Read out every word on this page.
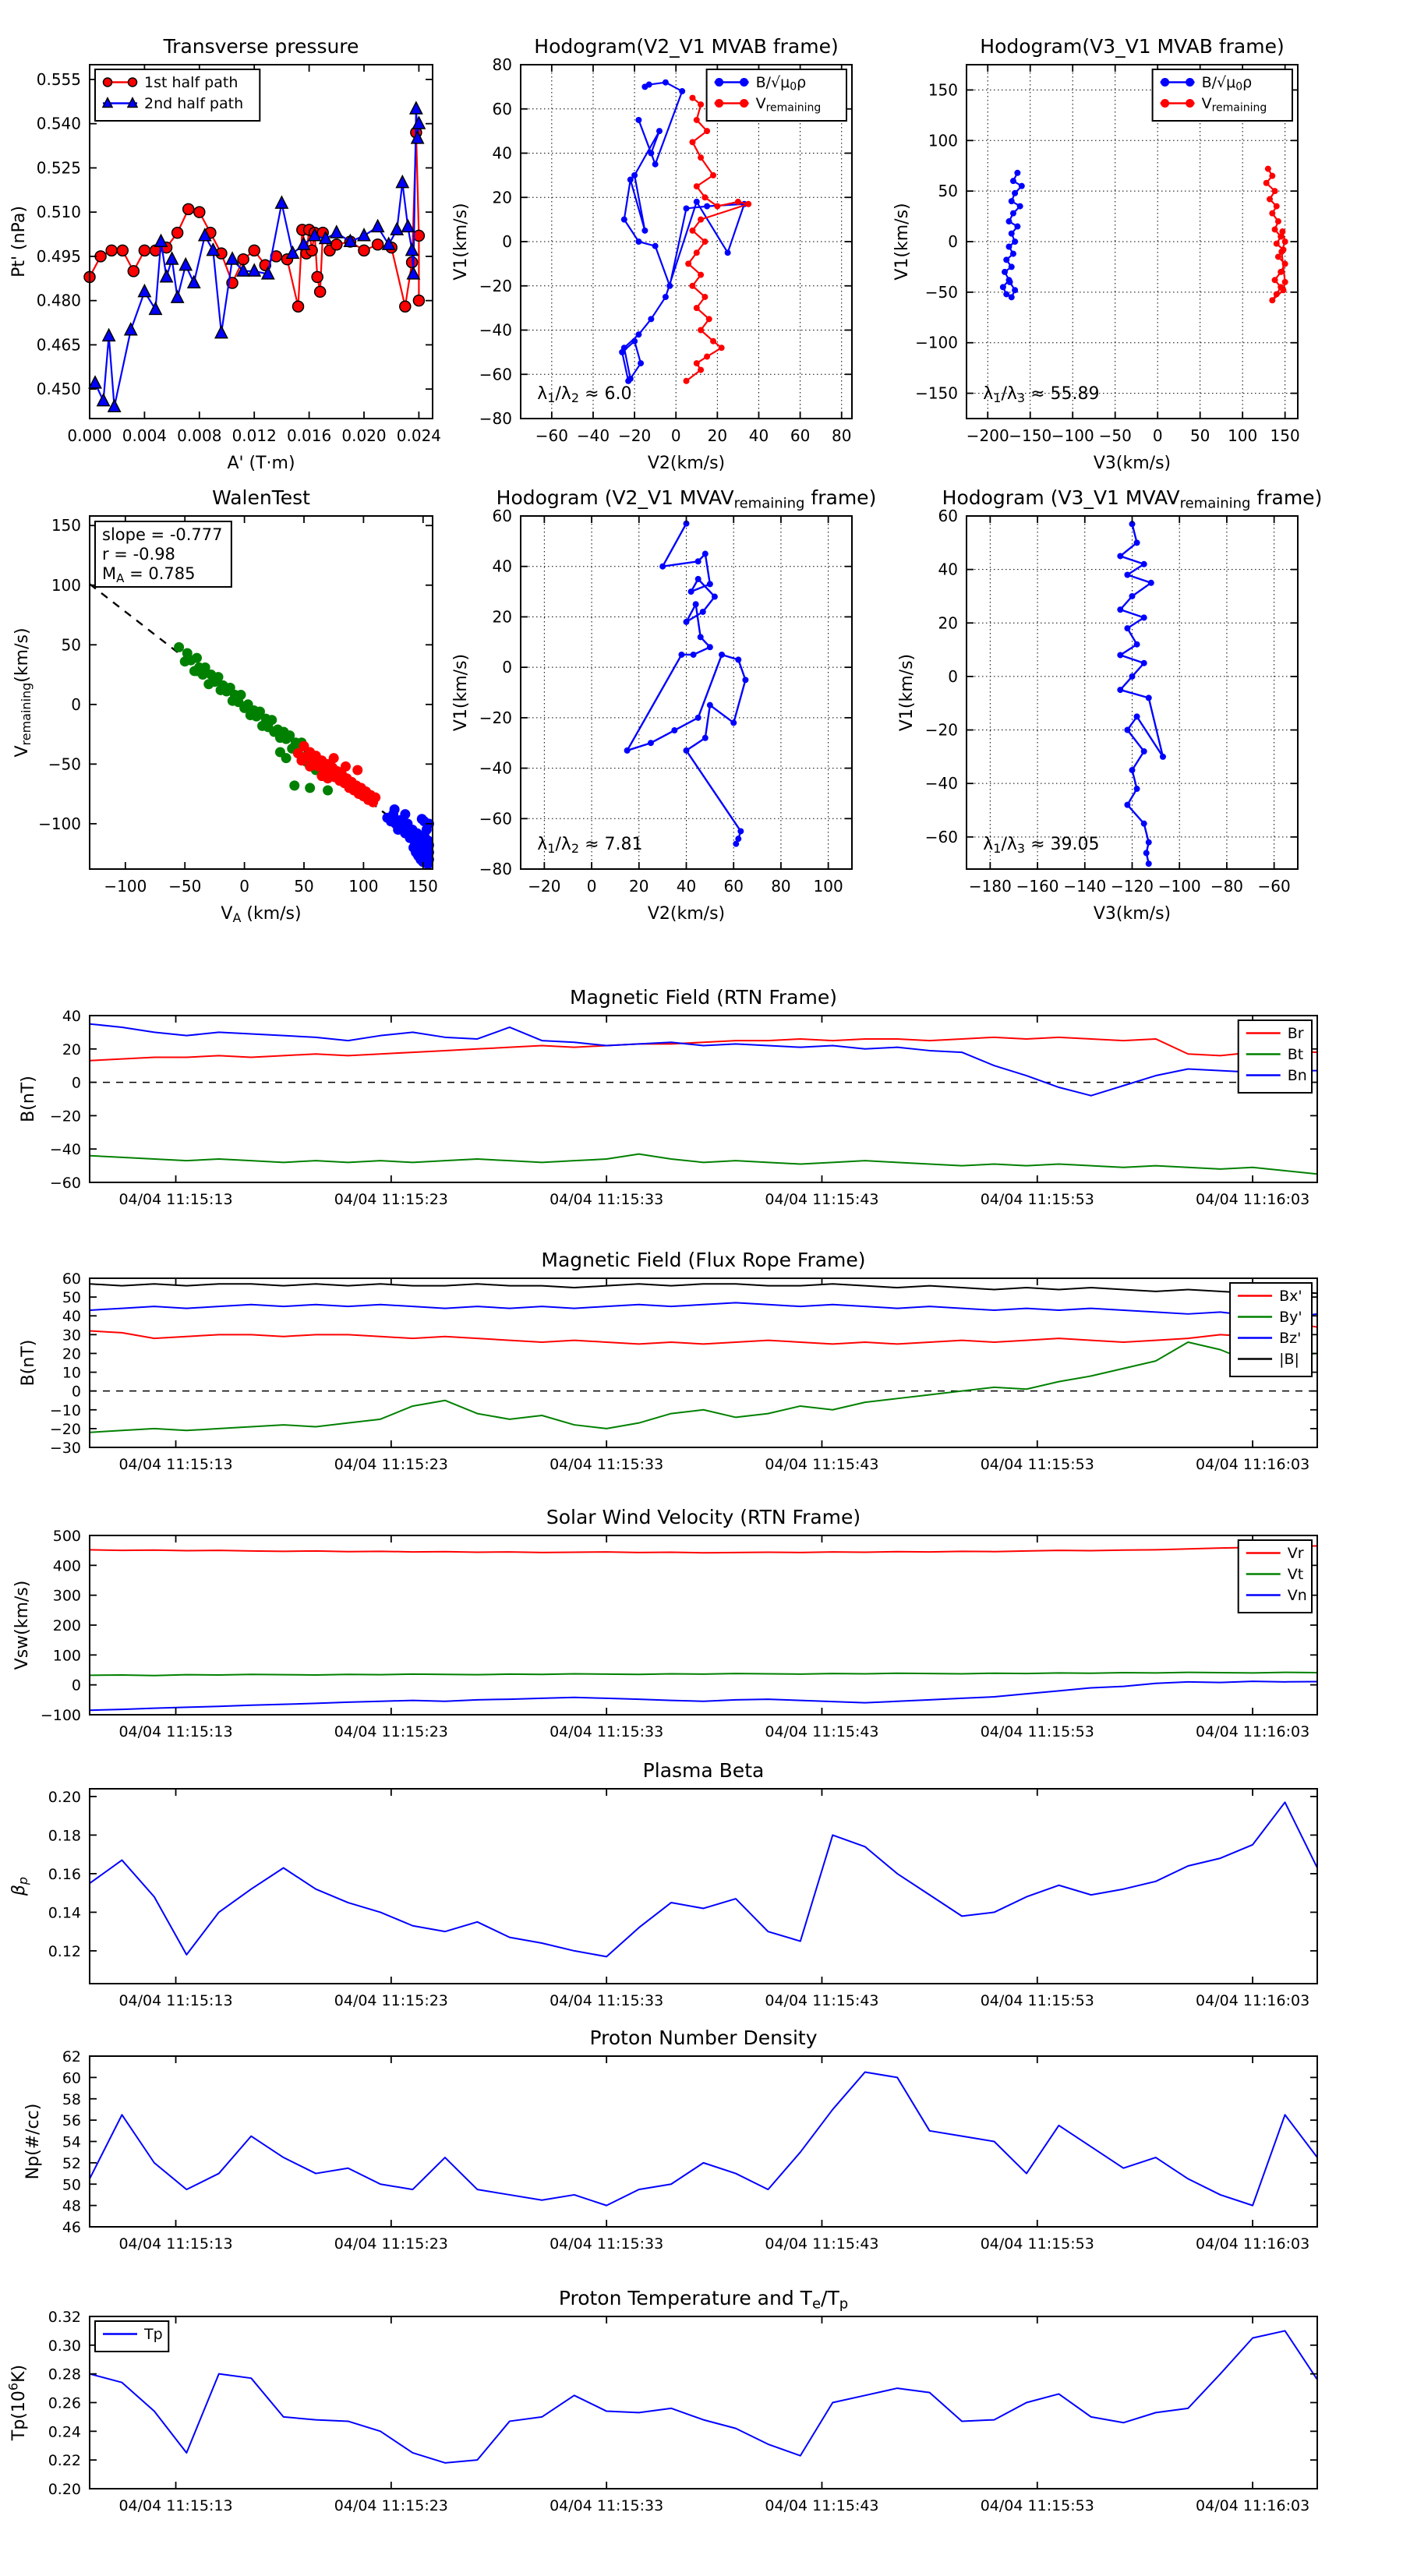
0.000 0.004 0.008 0.012 0.016 0.020 0.024
0.450
0.465
0.480
0.495
0.510
0.525
0.540
0.555
Transverse pressure
A' (T·m)
Pt' (nPa)
1st half path
2nd half path
−60 −40 −20 0 20 40 60 80
−80
−60
−40
−20
0
20
40
60
80
Hodogram(V2_V1 MVAB frame)
V2(km/s)
V1(km/s)
λ1/λ2 ≈ 6.0
B/√μ0ρ
Vremaining
−200 −150 −100 −50 0 50 100 150
−150
−100
−50
0
50
100
150
Hodogram(V3_V1 MVAB frame)
V3(km/s)
V1(km/s)
λ1/λ3 ≈ 55.89
B/√μ0ρ
Vremaining
−100 −50 0	50 100 150
−100
−50
0
50
100
150
WalenTest
VA (km/s)
Vremaining(km/s)
slope = -0.777
r = -0.98
MA = 0.785
−20 0 20 40 60 80 100
−80
−60
−40
−20
0
20
40
60
Hodogram (V2_V1 MVAVremaining frame)
V2(km/s)
V1(km/s)
λ1/λ2 ≈ 7.81
−180 −160 −140 −120 −100 −80 −60
−60
−40
−20
0
20
40
60
Hodogram (V3_V1 MVAVremaining frame)
V3(km/s)
V1(km/s)
λ1/λ3 ≈ 39.05
04/04 11:15:13	04/04 11:15:23	04/04 11:15:33	04/04 11:15:43	04/04 11:15:53	04/04 11:16:03
−60
−40
−20
0
20
40
Magnetic Field (RTN Frame)
B(nT)
Br
Bt
Bn
04/04 11:15:13	04/04 11:15:23	04/04 11:15:33	04/04 11:15:43	04/04 11:15:53	04/04 11:16:03
−30
−20
−10
0
10
20
30
40
50
60
Magnetic Field (Flux Rope Frame)
B(nT)
Bx'
By'
Bz'
|B|
04/04 11:15:13	04/04 11:15:23	04/04 11:15:33	04/04 11:15:43	04/04 11:15:53	04/04 11:16:03
−100
0
100
200
300
400
500
Solar Wind Velocity (RTN Frame)
Vsw(km/s)
Vr
Vt
Vn
04/04 11:15:13	04/04 11:15:23	04/04 11:15:33	04/04 11:15:43	04/04 11:15:53	04/04 11:16:03
0.12
0.14
0.16
0.18
0.20
Plasma Beta
βp
04/04 11:15:13	04/04 11:15:23	04/04 11:15:33	04/04 11:15:43	04/04 11:15:53	04/04 11:16:03
46
48
50
52
54
56
58
60
62
Proton Number Density
Np(#/cc)
04/04 11:15:13	04/04 11:15:23	04/04 11:15:33	04/04 11:15:43	04/04 11:15:53	04/04 11:16:03
0.20
0.22
0.24
0.26
0.28
0.30
0.32
Proton Temperature and Te/Tp
$Tp(10^6K)$
Tp
